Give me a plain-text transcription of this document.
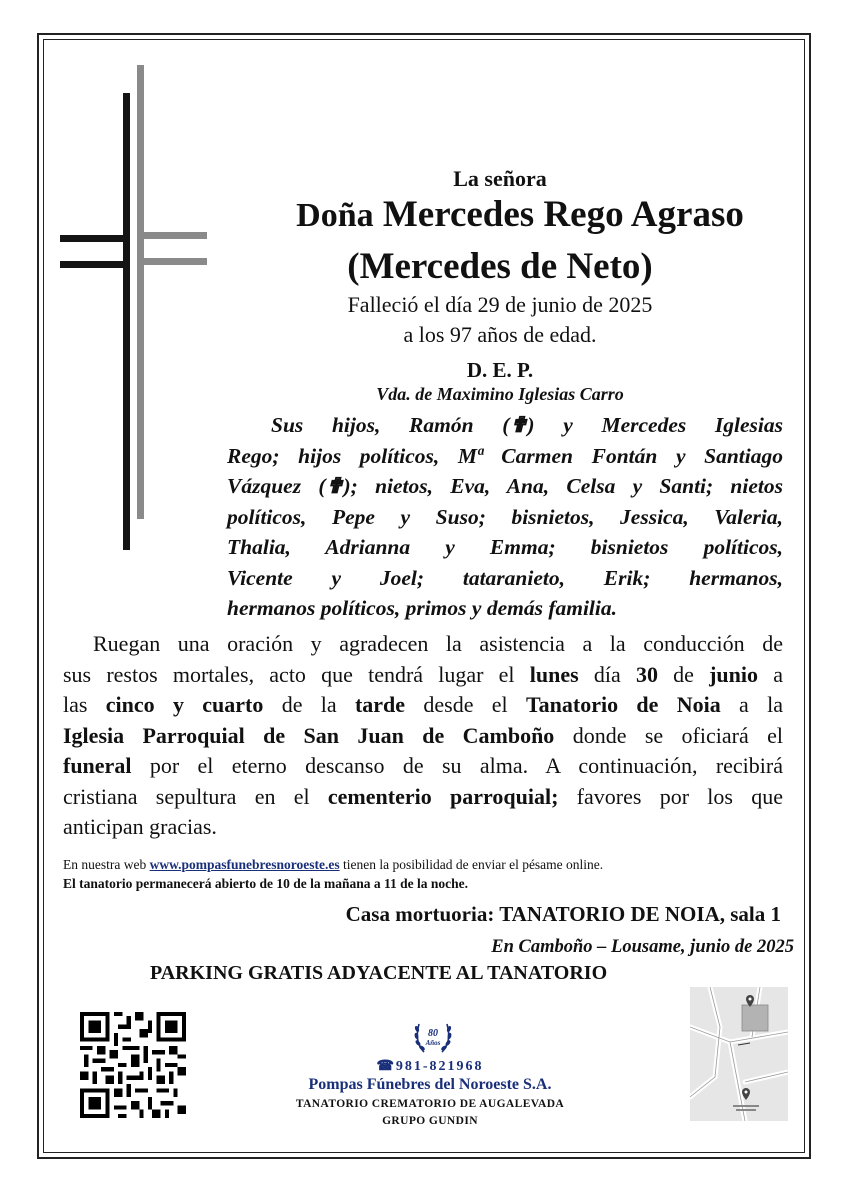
La señora
Doña Mercedes Rego Agraso
(Mercedes de Neto)
Falleció el día 29 de junio de 2025
a los 97 años de edad.
D. E. P.
Vda. de Maximino Iglesias Carro
Sus hijos, Ramón (✟) y Mercedes Iglesias
Rego; hijos políticos, Mª Carmen Fontán y Santiago
Vázquez (✟); nietos, Eva, Ana, Celsa y Santi; nietos
políticos, Pepe y Suso; bisnietos, Jessica, Valeria,
Thalia, Adrianna y Emma; bisnietos políticos,
Vicente y Joel; tataranieto, Erik; hermanos,
hermanos políticos, primos y demás familia.
Ruegan una oración y agradecen la asistencia a la conducción de
sus restos mortales, acto que tendrá lugar el lunes día 30 de junio a
las cinco y cuarto de la tarde desde el Tanatorio de Noia a la
Iglesia Parroquial de San Juan de Camboño donde se oficiará el
funeral por el eterno descanso de su alma. A continuación, recibirá
cristiana sepultura en el cementerio parroquial; favores por los que
anticipan gracias.
En nuestra web www.pompasfunebresnoroeste.es tienen la posibilidad de enviar el pésame online.
El tanatorio permanecerá abierto de 10 de la mañana a 11 de la noche.
Casa mortuoria: TANATORIO DE NOIA, sala 1
En Camboño – Lousame, junio de 2025
PARKING GRATIS ADYACENTE AL TANATORIO
80
Años
☎981-821968
Pompas Fúnebres del Noroeste S.A.
TANATORIO CREMATORIO DE AUGALEVADA
GRUPO GUNDIN
